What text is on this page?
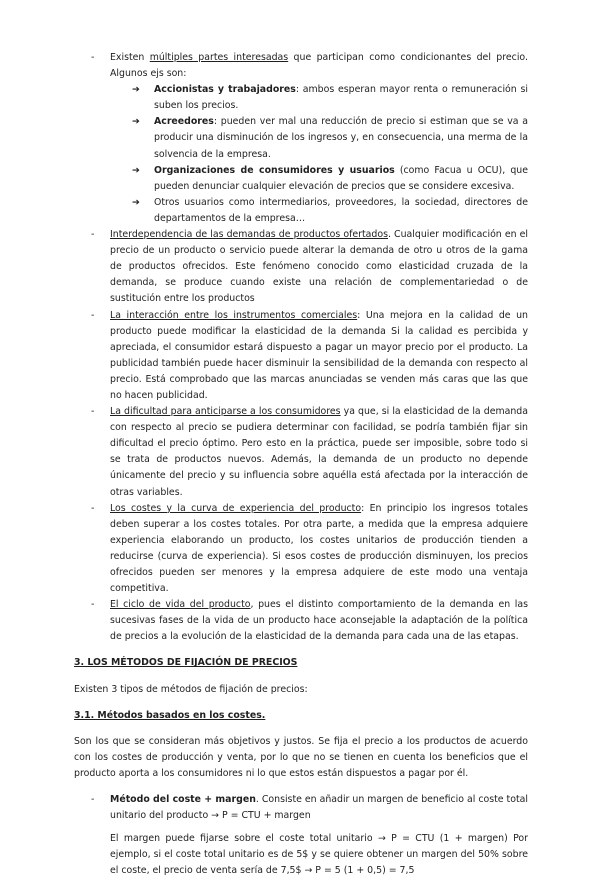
- Existen múltiples partes interesadas que participan como condicionantes del precio. Algunos ejs son:
➔ Accionistas y trabajadores: ambos esperan mayor renta o remuneración si suben los precios.
➔ Acreedores: pueden ver mal una reducción de precio si estiman que se va a producir una disminución de los ingresos y, en consecuencia, una merma de la solvencia de la empresa.
➔ Organizaciones de consumidores y usuarios (como Facua u OCU), que pueden denunciar cualquier elevación de precios que se considere excesiva.
➔ Otros usuarios como intermediarios, proveedores, la sociedad, directores de departamentos de la empresa…
- Interdependencia de las demandas de productos ofertados. Cualquier modificación en el precio de un producto o servicio puede alterar la demanda de otro u otros de la gama de productos ofrecidos. Este fenómeno conocido como elasticidad cruzada de la demanda, se produce cuando existe una relación de complementariedad o de sustitución entre los productos
- La interacción entre los instrumentos comerciales: Una mejora en la calidad de un producto puede modificar la elasticidad de la demanda Si la calidad es percibida y apreciada, el consumidor estará dispuesto a pagar un mayor precio por el producto. La publicidad también puede hacer disminuir la sensibilidad de la demanda con respecto al precio. Está comprobado que las marcas anunciadas se venden más caras que las que no hacen publicidad.
- La dificultad para anticiparse a los consumidores ya que, si la elasticidad de la demanda con respecto al precio se pudiera determinar con facilidad, se podría también fijar sin dificultad el precio óptimo. Pero esto en la práctica, puede ser imposible, sobre todo si se trata de productos nuevos. Además, la demanda de un producto no depende únicamente del precio y su influencia sobre aquélla está afectada por la interacción de otras variables.
- Los costes y la curva de experiencia del producto: En principio los ingresos totales deben superar a los costes totales. Por otra parte, a medida que la empresa adquiere experiencia elaborando un producto, los costes unitarios de producción tienden a reducirse (curva de experiencia). Si esos costes de producción disminuyen, los precios ofrecidos pueden ser menores y la empresa adquiere de este modo una ventaja competitiva.
- El ciclo de vida del producto, pues el distinto comportamiento de la demanda en las sucesivas fases de la vida de un producto hace aconsejable la adaptación de la política de precios a la evolución de la elasticidad de la demanda para cada una de las etapas.

3. LOS MÉTODOS DE FIJACIÓN DE PRECIOS

Existen 3 tipos de métodos de fijación de precios:

3.1. Métodos basados en los costes.

Son los que se consideran más objetivos y justos. Se fija el precio a los productos de acuerdo con los costes de producción y venta, por lo que no se tienen en cuenta los beneficios que el producto aporta a los consumidores ni lo que estos están dispuestos a pagar por él.

- Método del coste + margen. Consiste en añadir un margen de beneficio al coste total unitario del producto → P = CTU + margen
El margen puede fijarse sobre el coste total unitario → P = CTU (1 + margen) Por ejemplo, si el coste total unitario es de 5$ y se quiere obtener un margen del 50% sobre el coste, el precio de venta sería de 7,5$ → P = 5 (1 + 0,5) = 7,5
